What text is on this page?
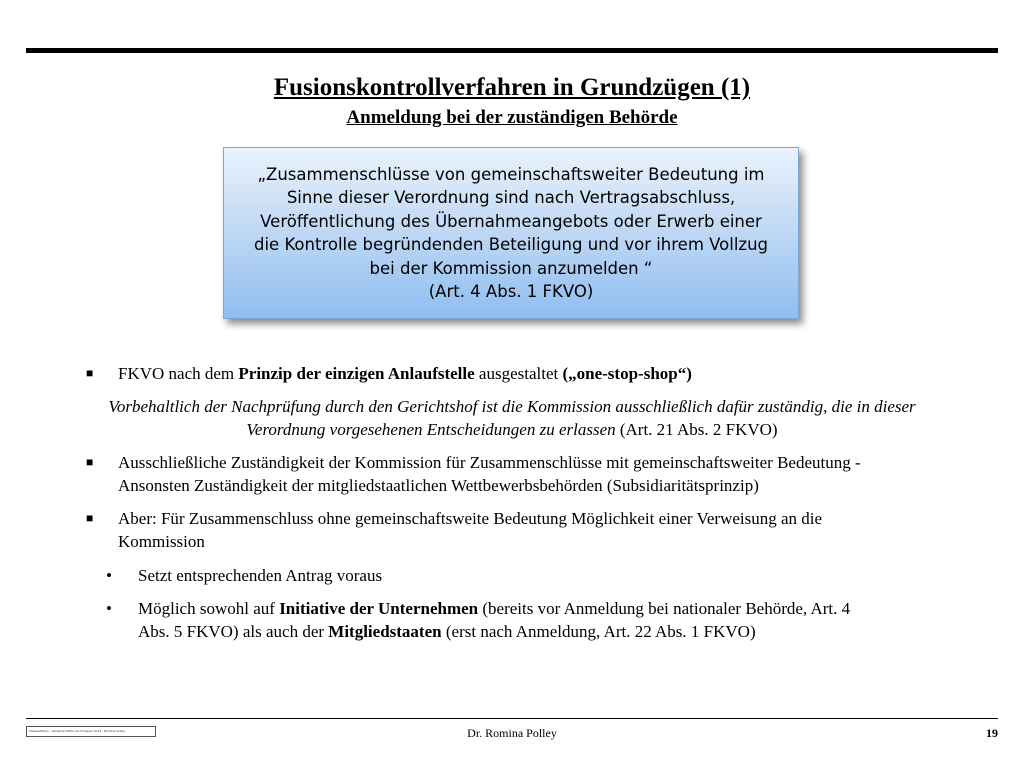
Fusionskontrollverfahren in Grundzügen (1)
Anmeldung bei der zuständigen Behörde
„Zusammenschlüsse von gemeinschaftsweiter Bedeutung im
Sinne dieser Verordnung sind nach Vertragsabschluss,
Veröffentlichung des Übernahmeangebots oder Erwerb einer
die Kontrolle begründenden Beteiligung und vor ihrem Vollzug
bei der Kommission anzumelden “
(Art. 4 Abs. 1 FKVO)
■ FKVO nach dem Prinzip der einzigen Anlaufstelle ausgestaltet („one-stop-shop“)
Vorbehaltlich der Nachprüfung durch den Gerichtshof ist die Kommission ausschließlich dafür zuständig, die in dieser
Verordnung vorgesehenen Entscheidungen zu erlassen (Art. 21 Abs. 2 FKVO)
■ Ausschließliche Zuständigkeit der Kommission für Zusammenschlüsse mit gemeinschaftsweiter Bedeutung -
Ansonsten Zuständigkeit der mitgliedstaatlichen Wettbewerbsbehörden (Subsidiaritätsprinzip)
■ Aber: Für Zusammenschluss ohne gemeinschaftsweite Bedeutung Möglichkeit einer Verweisung an die
Kommission
• Setzt entsprechenden Antrag voraus
• Möglich sowohl auf Initiative der Unternehmen (bereits vor Anmeldung bei nationaler Behörde, Art. 4
Abs. 5 FKVO) als auch der Mitgliedstaaten (erst nach Anmeldung, Art. 22 Abs. 1 FKVO)
Ostwestfalen · Kartellrechtsforum Schweiz 2014 · Romina Polley	Dr. Romina Polley	19
